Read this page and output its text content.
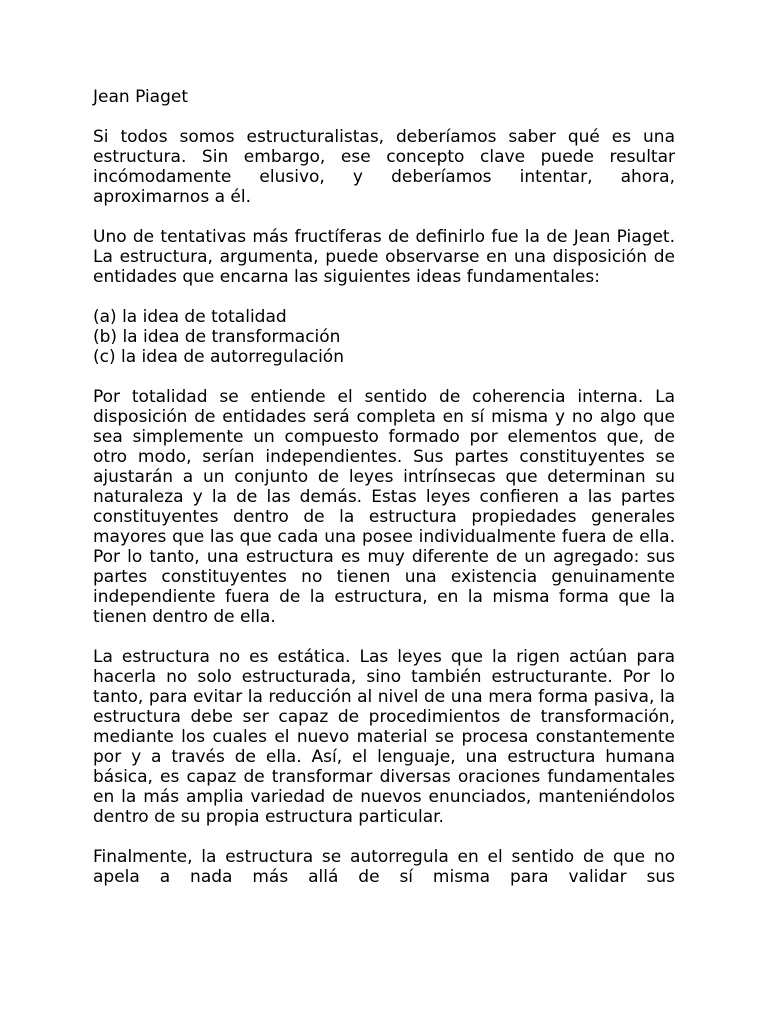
Jean Piaget

Si todos somos estructuralistas, deberíamos saber qué es una estructura. Sin embargo, ese concepto clave puede resultar incómodamente elusivo, y deberíamos intentar, ahora, aproximarnos a él.

Uno de tentativas más fructíferas de definirlo fue la de Jean Piaget. La estructura, argumenta, puede observarse en una disposición de entidades que encarna las siguientes ideas fundamentales:

(a) la idea de totalidad
(b) la idea de transformación
(c) la idea de autorregulación

Por totalidad se entiende el sentido de coherencia interna. La disposición de entidades será completa en sí misma y no algo que sea simplemente un compuesto formado por elementos que, de otro modo, serían independientes. Sus partes constituyentes se ajustarán a un conjunto de leyes intrínsecas que determinan su naturaleza y la de las demás. Estas leyes confieren a las partes constituyentes dentro de la estructura propiedades generales mayores que las que cada una posee individualmente fuera de ella. Por lo tanto, una estructura es muy diferente de un agregado: sus partes constituyentes no tienen una existencia genuinamente independiente fuera de la estructura, en la misma forma que la tienen dentro de ella.

La estructura no es estática. Las leyes que la rigen actúan para hacerla no solo estructurada, sino también estructurante. Por lo tanto, para evitar la reducción al nivel de una mera forma pasiva, la estructura debe ser capaz de procedimientos de transformación, mediante los cuales el nuevo material se procesa constantemente por y a través de ella. Así, el lenguaje, una estructura humana básica, es capaz de transformar diversas oraciones fundamentales en la más amplia variedad de nuevos enunciados, manteniéndolos dentro de su propia estructura particular.

Finalmente, la estructura se autorregula en el sentido de que no apela a nada más allá de sí misma para validar sus
